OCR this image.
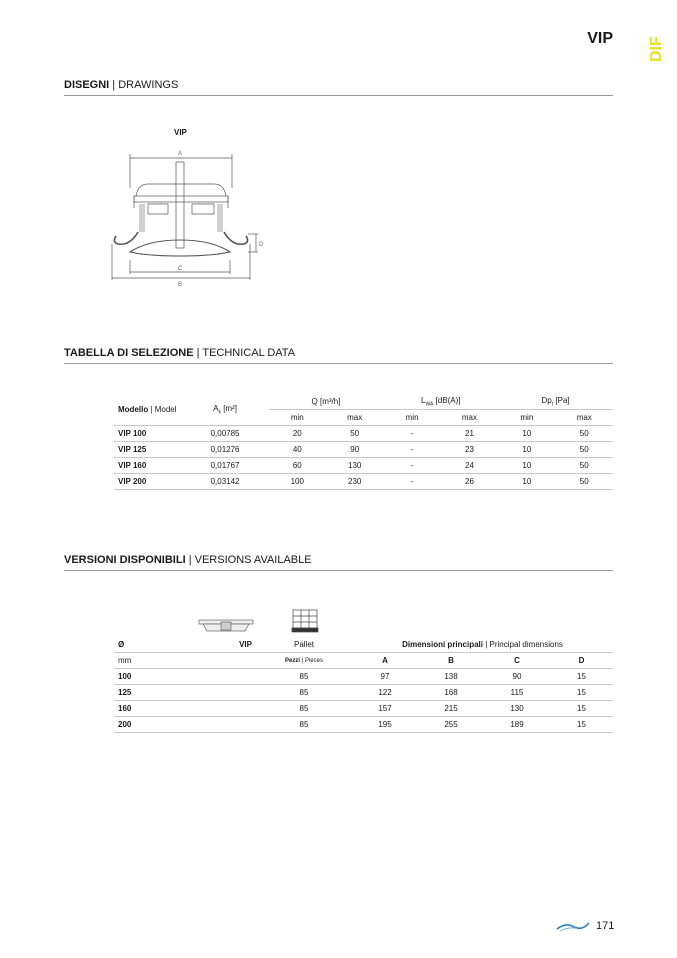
VIP DIF
DISEGNI | DRAWINGS
VIP
A
D
C
B
TABELLA DI SELEZIONE | TECHNICAL DATA
Modello | Model	$A_k$ [m²]	Q [m³/h]		$L_{WA}$ [dB(A)]		$Dp_t$ [Pa]	
		min	max	min	max	min	max
VIP 100	0,00785	20	50	-	21	10	50
VIP 125	0,01276	40	90	-	23	10	50
VIP 160	0,01767	60	130	-	24	10	50
VIP 200	0,03142	100	230	-	26	10	50
VERSIONI DISPONIBILI | VERSIONS AVAILABLE
Ø	VIP	Pallet	Dimensioni principali | Principal dimensions			
mm		Pezzi | Pieces	A	B	C	D
100		85	97	138	90	15
125		85	122	168	115	15
160		85	157	215	130	15
200		85	195	255	189	15
171
